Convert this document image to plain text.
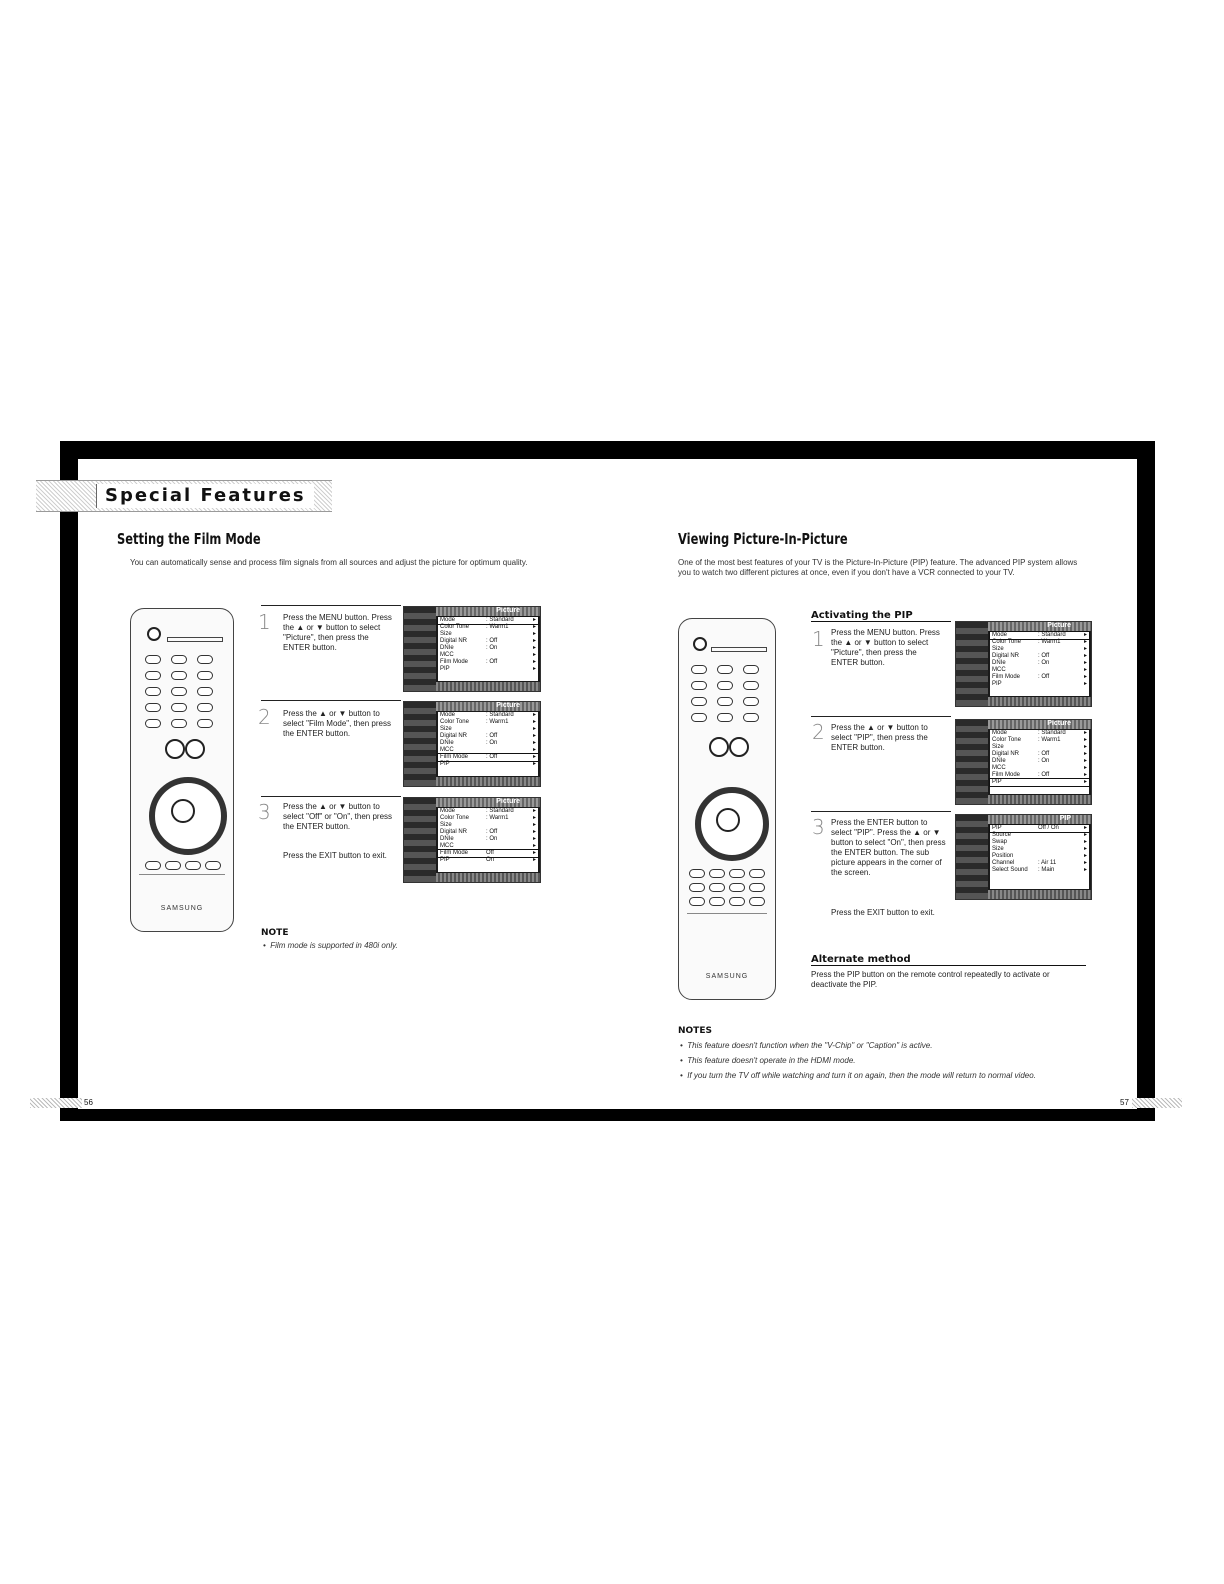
Special Features
Setting the Film Mode
You can automatically sense and process film signals from all sources and adjust the picture for optimum quality.
SAMSUNG
1 Press the MENU button. Press the ▲ or ▼ button to select "Picture", then press the ENTER button.
2 Press the ▲ or ▼ button to select "Film Mode", then press the ENTER button.
3 Press the ▲ or ▼ button to select "Off" or "On", then press the ENTER button.
Press the EXIT button to exit.
Picture
Mode	: Standard	▸
Color Tone	: Warm1	▸
Size	▸
Digital NR	: Off	▸
DNIe	: On	▸
MCC	▸
Film Mode	: Off	▸
PIP	▸
Picture
Mode	: Standard	▸
Color Tone	: Warm1	▸
Size	▸
Digital NR	: Off	▸
DNIe	: On	▸
MCC	▸
Film Mode	: Off	▸
PIP	▸
Picture
Mode	: Standard	▸
Color Tone	: Warm1	▸
Size	▸
Digital NR	: Off	▸
DNIe	: On	▸
MCC	▸
Film Mode	Off	▸
PIP	On	▸
NOTE
•  Film mode is supported in 480i only.
56
Viewing Picture-In-Picture
One of the most best features of your TV is the Picture-In-Picture (PIP) feature. The advanced PIP system allows you to watch two different pictures at once, even if you don't have a VCR connected to your TV.
SAMSUNG
Activating the PIP
1 Press the MENU button. Press the ▲ or ▼ button to select "Picture", then press the ENTER button.
2 Press the ▲ or ▼ button to select "PIP", then press the ENTER button.
3 Press the ENTER button to select "PIP". Press the ▲ or ▼ button to select "On", then press the ENTER button. The sub picture appears in the corner of the screen.
Press the EXIT button to exit.
Picture
Mode	: Standard	▸
Color Tone	: Warm1	▸
Size	▸
Digital NR	: Off	▸
DNIe	: On	▸
MCC	▸
Film Mode	: Off	▸
PIP	▸
Picture
Mode	: Standard	▸
Color Tone	: Warm1	▸
Size	▸
Digital NR	: Off	▸
DNIe	: On	▸
MCC	▸
Film Mode	: Off	▸
PIP	▸
PIP
PIP	Off / On	▸
Source	▸
Swap	▸
Size	▸
Position	▸
Channel	: Air 11	▸
Select Sound : Main	▸
Alternate method
Press the PIP button on the remote control repeatedly to activate or deactivate the PIP.
NOTES
•  This feature doesn't function when the "V-Chip" or "Caption" is active.
•  This feature doesn't operate in the HDMI mode.
•  If you turn the TV off while watching and turn it on again, then the mode will return to normal video.
57
